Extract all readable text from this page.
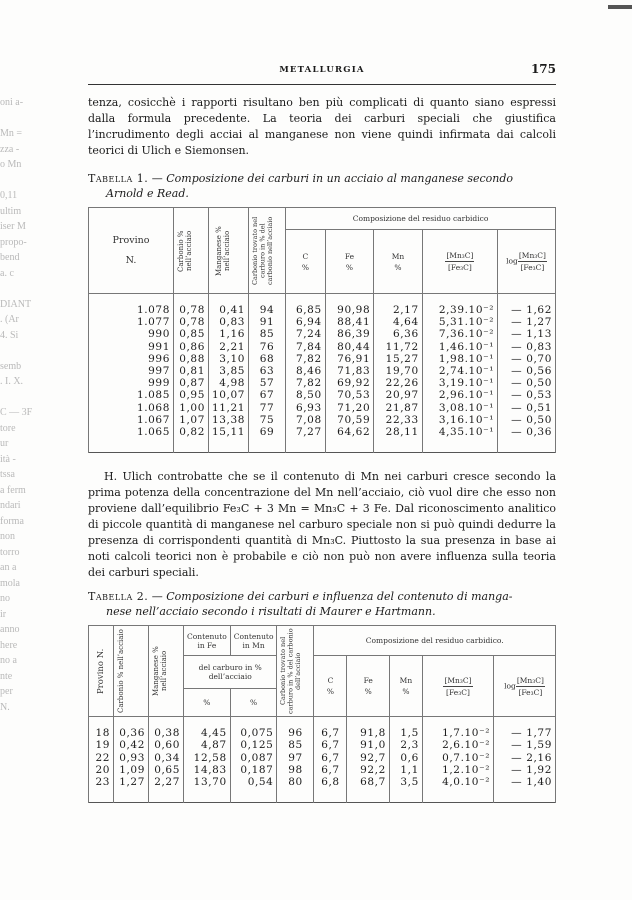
oni a-

Mn =
zza -
o Mn

0,11
ultim
iser M
propo-
bend
a. c

DIANT
. (Ar
4. Si

semb
. I. X.

C — 3F
tore
ur
ità -
tssa
a ferm
ndari
forma
non
torro
an a
mola
no
ir
anno
here
no a
nte
per
N.
METALLURGIA	175

tenza, cosicchè i rapporti risultano ben più complicati di quanto siano espressi dalla formula precedente. La teoria dei carburi speciali che giustifica l’incrudimento degli acciai al manganese non viene quindi infirmata dai calcoli teorici di Ulich e Siemonsen.

Tabella 1. — Composizione dei carburi in un acciaio al manganese secondo
Arnold e Read.

Provino
N.	Carbonio % nell’acciaio	Manganese % nell’acciaio	Carbonio trovato nel carburo in % del carbonio nell’acciaio	Composizione del residuo carbidico				
				C
%	Fe
%	Mn
%	$\frac{\text{[Mn₃C]}}{\text{[Fe₃C]}}$	$\log \frac{\text{[Mn₃C]}}{\text{[Fe₃C]}}$

1.078	0,78	0,41	94	6,85	90,98	2,17	2,39.10⁻²	— 1,62
1.077	0,78	0,83	91	6,94	88,41	4,64	5,31.10⁻²	— 1,27
990	0,85	1,16	85	7,24	86,39	6,36	7,36.10⁻²	— 1,13
991	0,86	2,21	76	7,84	80,44	11,72	1,46.10⁻¹	— 0,83
996	0,88	3,10	68	7,82	76,91	15,27	1,98.10⁻¹	— 0,70
997	0,81	3,85	63	8,46	71,83	19,70	2,74.10⁻¹	— 0,56
999	0,87	4,98	57	7,82	69,92	22,26	3,19.10⁻¹	— 0,50
1.085	0,95	10,07	67	8,50	70,53	20,97	2,96.10⁻¹	— 0,53
1.068	1,00	11,21	77	6,93	71,20	21,87	3,08.10⁻¹	— 0,51
1.067	1,07	13,38	75	7,08	70,59	22,33	3,16.10⁻¹	— 0,50
1.065	0,82	15,11	69	7,27	64,62	28,11	4,35.10⁻¹	— 0,36

H. Ulich controbatte che se il contenuto di Mn nei carburi cresce secondo la prima potenza della concentrazione del Mn nell’acciaio, ciò vuol dire che esso non proviene dall’equilibrio Fe₃C + 3 Mn = Mn₃C + 3 Fe. Dal riconoscimento analitico di piccole quantità di manganese nel carburo speciale non si può quindi dedurre la presenza di corrispondenti quantità di Mn₃C. Piuttosto la sua presenza in base ai noti calcoli teorici non è probabile e ciò non può non avere influenza sulla teoria dei carburi speciali.

Tabella 2. — Composizione dei carburi e influenza del contenuto di manga-
nese nell’acciaio secondo i risultati di Maurer e Hartmann.

Provino N.	Carbonio % nell’acciaio	Manganese % nell’acciaio	Contenuto in Fe	Contenuto in Mn	Carbonio trovato nel carburo in % del carbonio dell’acciaio	Composizione del residuo carbidico.				
			del carburo in % dell’acciaio			C
%	Fe
%	Mn
%	$\frac{\text{[Mn₃C]}}{\text{[Fe₃C]}}$	$\log \frac{\text{[Mn₃C]}}{\text{[Fe₃C]}}$

			%	%						
18	0,36	0,38	4,45	0,075	96	6,7	91,8	1,5	1,7.10⁻²	— 1,77
19	0,42	0,60	4,87	0,125	85	6,7	91,0	2,3	2,6.10⁻²	— 1,59
22	0,93	0,34	12,58	0,087	97	6,7	92,7	0,6	0,7.10⁻²	— 2,16
20	1,09	0,65	14,83	0,187	98	6,7	92,2	1,1	1,2.10⁻²	— 1,92
23	1,27	2,27	13,70	0,54	80	6,8	68,7	3,5	4,0.10⁻²	— 1,40
